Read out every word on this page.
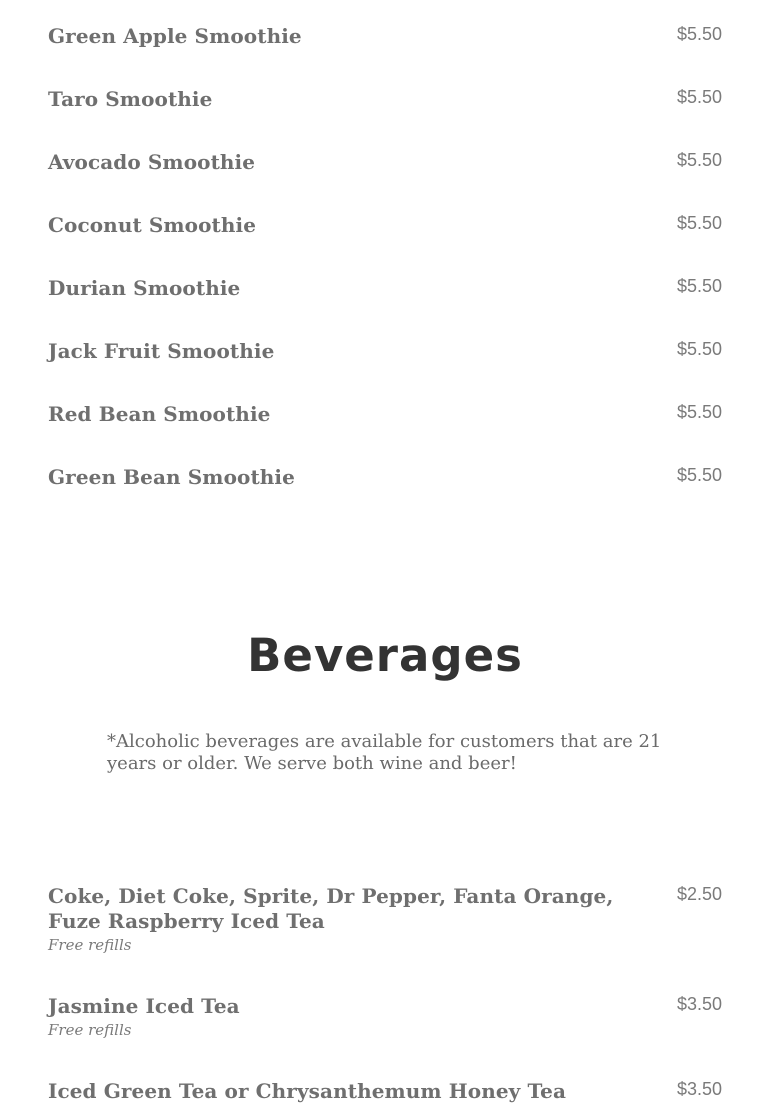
Green Apple Smoothie	$5.50
Taro Smoothie	$5.50
Avocado Smoothie	$5.50
Coconut Smoothie	$5.50
Durian Smoothie	$5.50
Jack Fruit Smoothie	$5.50
Red Bean Smoothie	$5.50
Green Bean Smoothie	$5.50
Beverages
*Alcoholic beverages are available for customers that are 21 years or older. We serve both wine and beer!
Coke, Diet Coke, Sprite, Dr Pepper, Fanta Orange, Fuze Raspberry Iced Tea
$2.50
Free refills
Jasmine Iced Tea	$3.50
Free refills
Iced Green Tea or Chrysanthemum Honey Tea	$3.50
